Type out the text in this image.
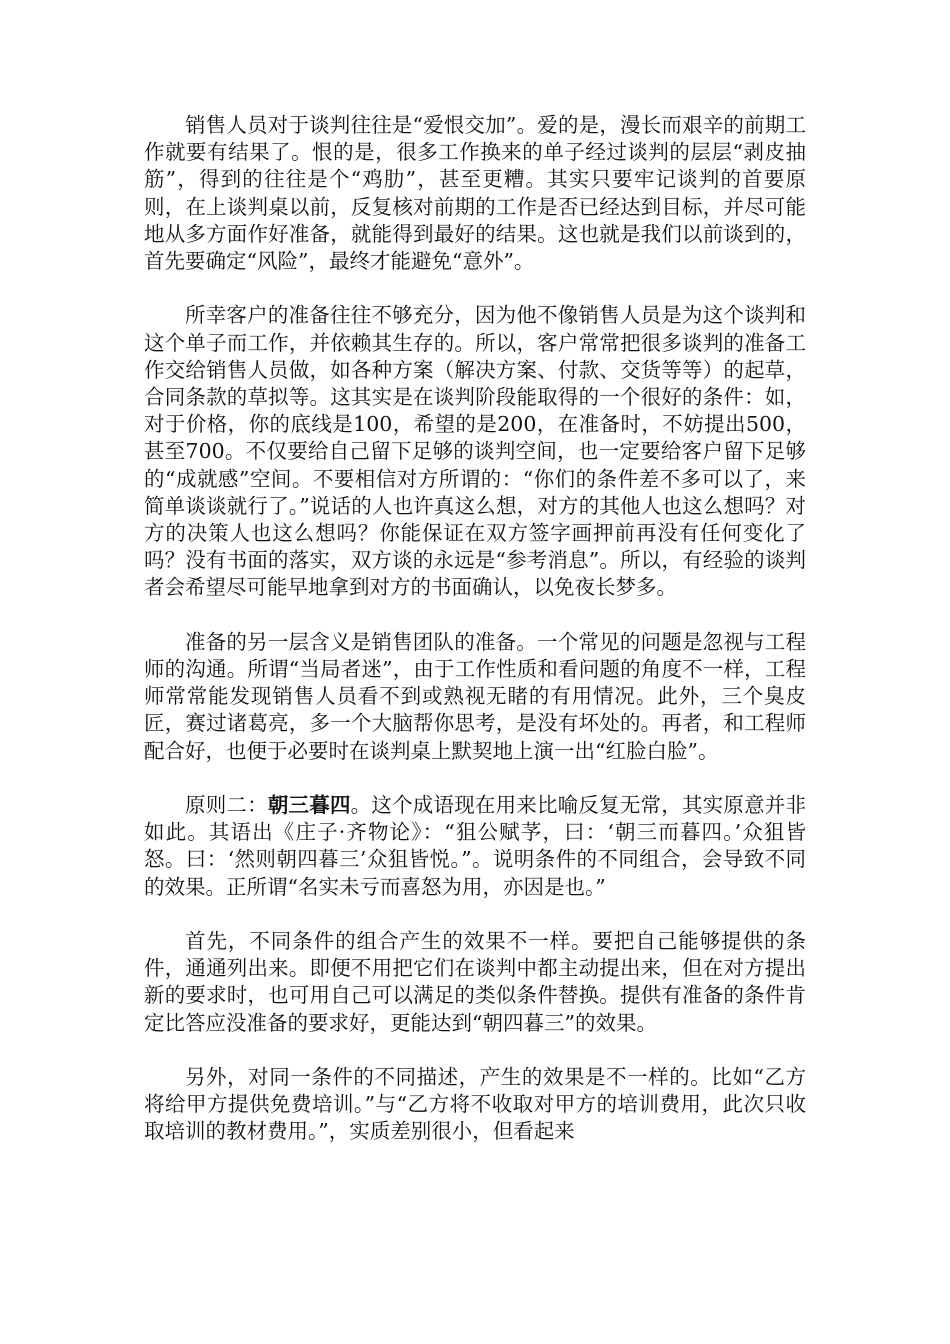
销售人员对于谈判往往是“爱恨交加”。爱的是，漫长而艰辛的前期工作就要有结果了。恨的是，很多工作换来的单子经过谈判的层层“剥皮抽筋”，得到的往往是个“鸡肋”，甚至更糟。其实只要牢记谈判的首要原则，在上谈判桌以前，反复核对前期的工作是否已经达到目标，并尽可能地从多方面作好准备，就能得到最好的结果。这也就是我们以前谈到的，首先要确定“风险”，最终才能避免“意外”。

所幸客户的准备往往不够充分，因为他不像销售人员是为这个谈判和这个单子而工作，并依赖其生存的。所以，客户常常把很多谈判的准备工作交给销售人员做，如各种方案（解决方案、付款、交货等等）的起草，合同条款的草拟等。这其实是在谈判阶段能取得的一个很好的条件：如，对于价格，你的底线是100，希望的是200，在准备时，不妨提出500，甚至700。不仅要给自己留下足够的谈判空间，也一定要给客户留下足够的“成就感”空间。不要相信对方所谓的：“你们的条件差不多可以了，来简单谈谈就行了。”说话的人也许真这么想，对方的其他人也这么想吗？对方的决策人也这么想吗？你能保证在双方签字画押前再没有任何变化了吗？没有书面的落实，双方谈的永远是“参考消息”。所以，有经验的谈判者会希望尽可能早地拿到对方的书面确认，以免夜长梦多。

准备的另一层含义是销售团队的准备。一个常见的问题是忽视与工程师的沟通。所谓“当局者迷”，由于工作性质和看问题的角度不一样，工程师常常能发现销售人员看不到或熟视无睹的有用情况。此外，三个臭皮匠，赛过诸葛亮，多一个大脑帮你思考，是没有坏处的。再者，和工程师配合好，也便于必要时在谈判桌上默契地上演一出“红脸白脸”。

原则二：朝三暮四。这个成语现在用来比喻反复无常，其实原意并非如此。其语出《庄子·齐物论》：“狙公赋芧，曰：‘朝三而暮四。’众狙皆怒。曰：‘然则朝四暮三’众狙皆悦。”。说明条件的不同组合，会导致不同的效果。正所谓“名实未亏而喜怒为用，亦因是也。”

首先，不同条件的组合产生的效果不一样。要把自己能够提供的条件，通通列出来。即便不用把它们在谈判中都主动提出来，但在对方提出新的要求时，也可用自己可以满足的类似条件替换。提供有准备的条件肯定比答应没准备的要求好，更能达到“朝四暮三”的效果。

另外，对同一条件的不同描述，产生的效果是不一样的。比如“乙方将给甲方提供免费培训。”与“乙方将不收取对甲方的培训费用，此次只收取培训的教材费用。”，实质差别很小，但看起来
